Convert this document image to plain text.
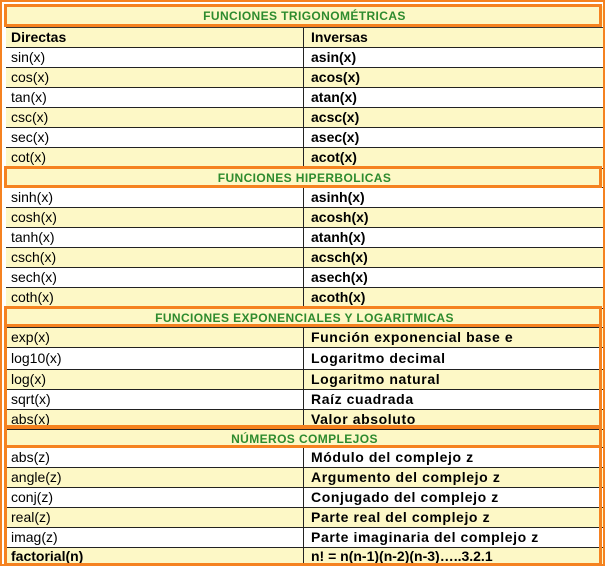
FUNCIONES TRIGONOMÉTRICAS
Directas	Inversas
sin(x)	asin(x)
cos(x)	acos(x)
tan(x)	atan(x)
csc(x)	acsc(x)
sec(x)	asec(x)
cot(x)	acot(x)
FUNCIONES HIPERBOLICAS
sinh(x)	asinh(x)
cosh(x)	acosh(x)
tanh(x)	atanh(x)
csch(x)	acsch(x)
sech(x)	asech(x)
coth(x)	acoth(x)
FUNCIONES EXPONENCIALES Y LOGARITMICAS
exp(x)	Función exponencial base e
log10(x)	Logaritmo decimal
log(x)	Logaritmo natural
sqrt(x)	Raíz cuadrada
abs(x)	Valor absoluto
NÚMEROS COMPLEJOS
abs(z)	Módulo del complejo z
angle(z)	Argumento del complejo z
conj(z)	Conjugado del complejo z
real(z)	Parte real del complejo z
imag(z)	Parte imaginaria del complejo z
factorial(n)	n! = n(n-1)(n-2)(n-3)…..3.2.1
